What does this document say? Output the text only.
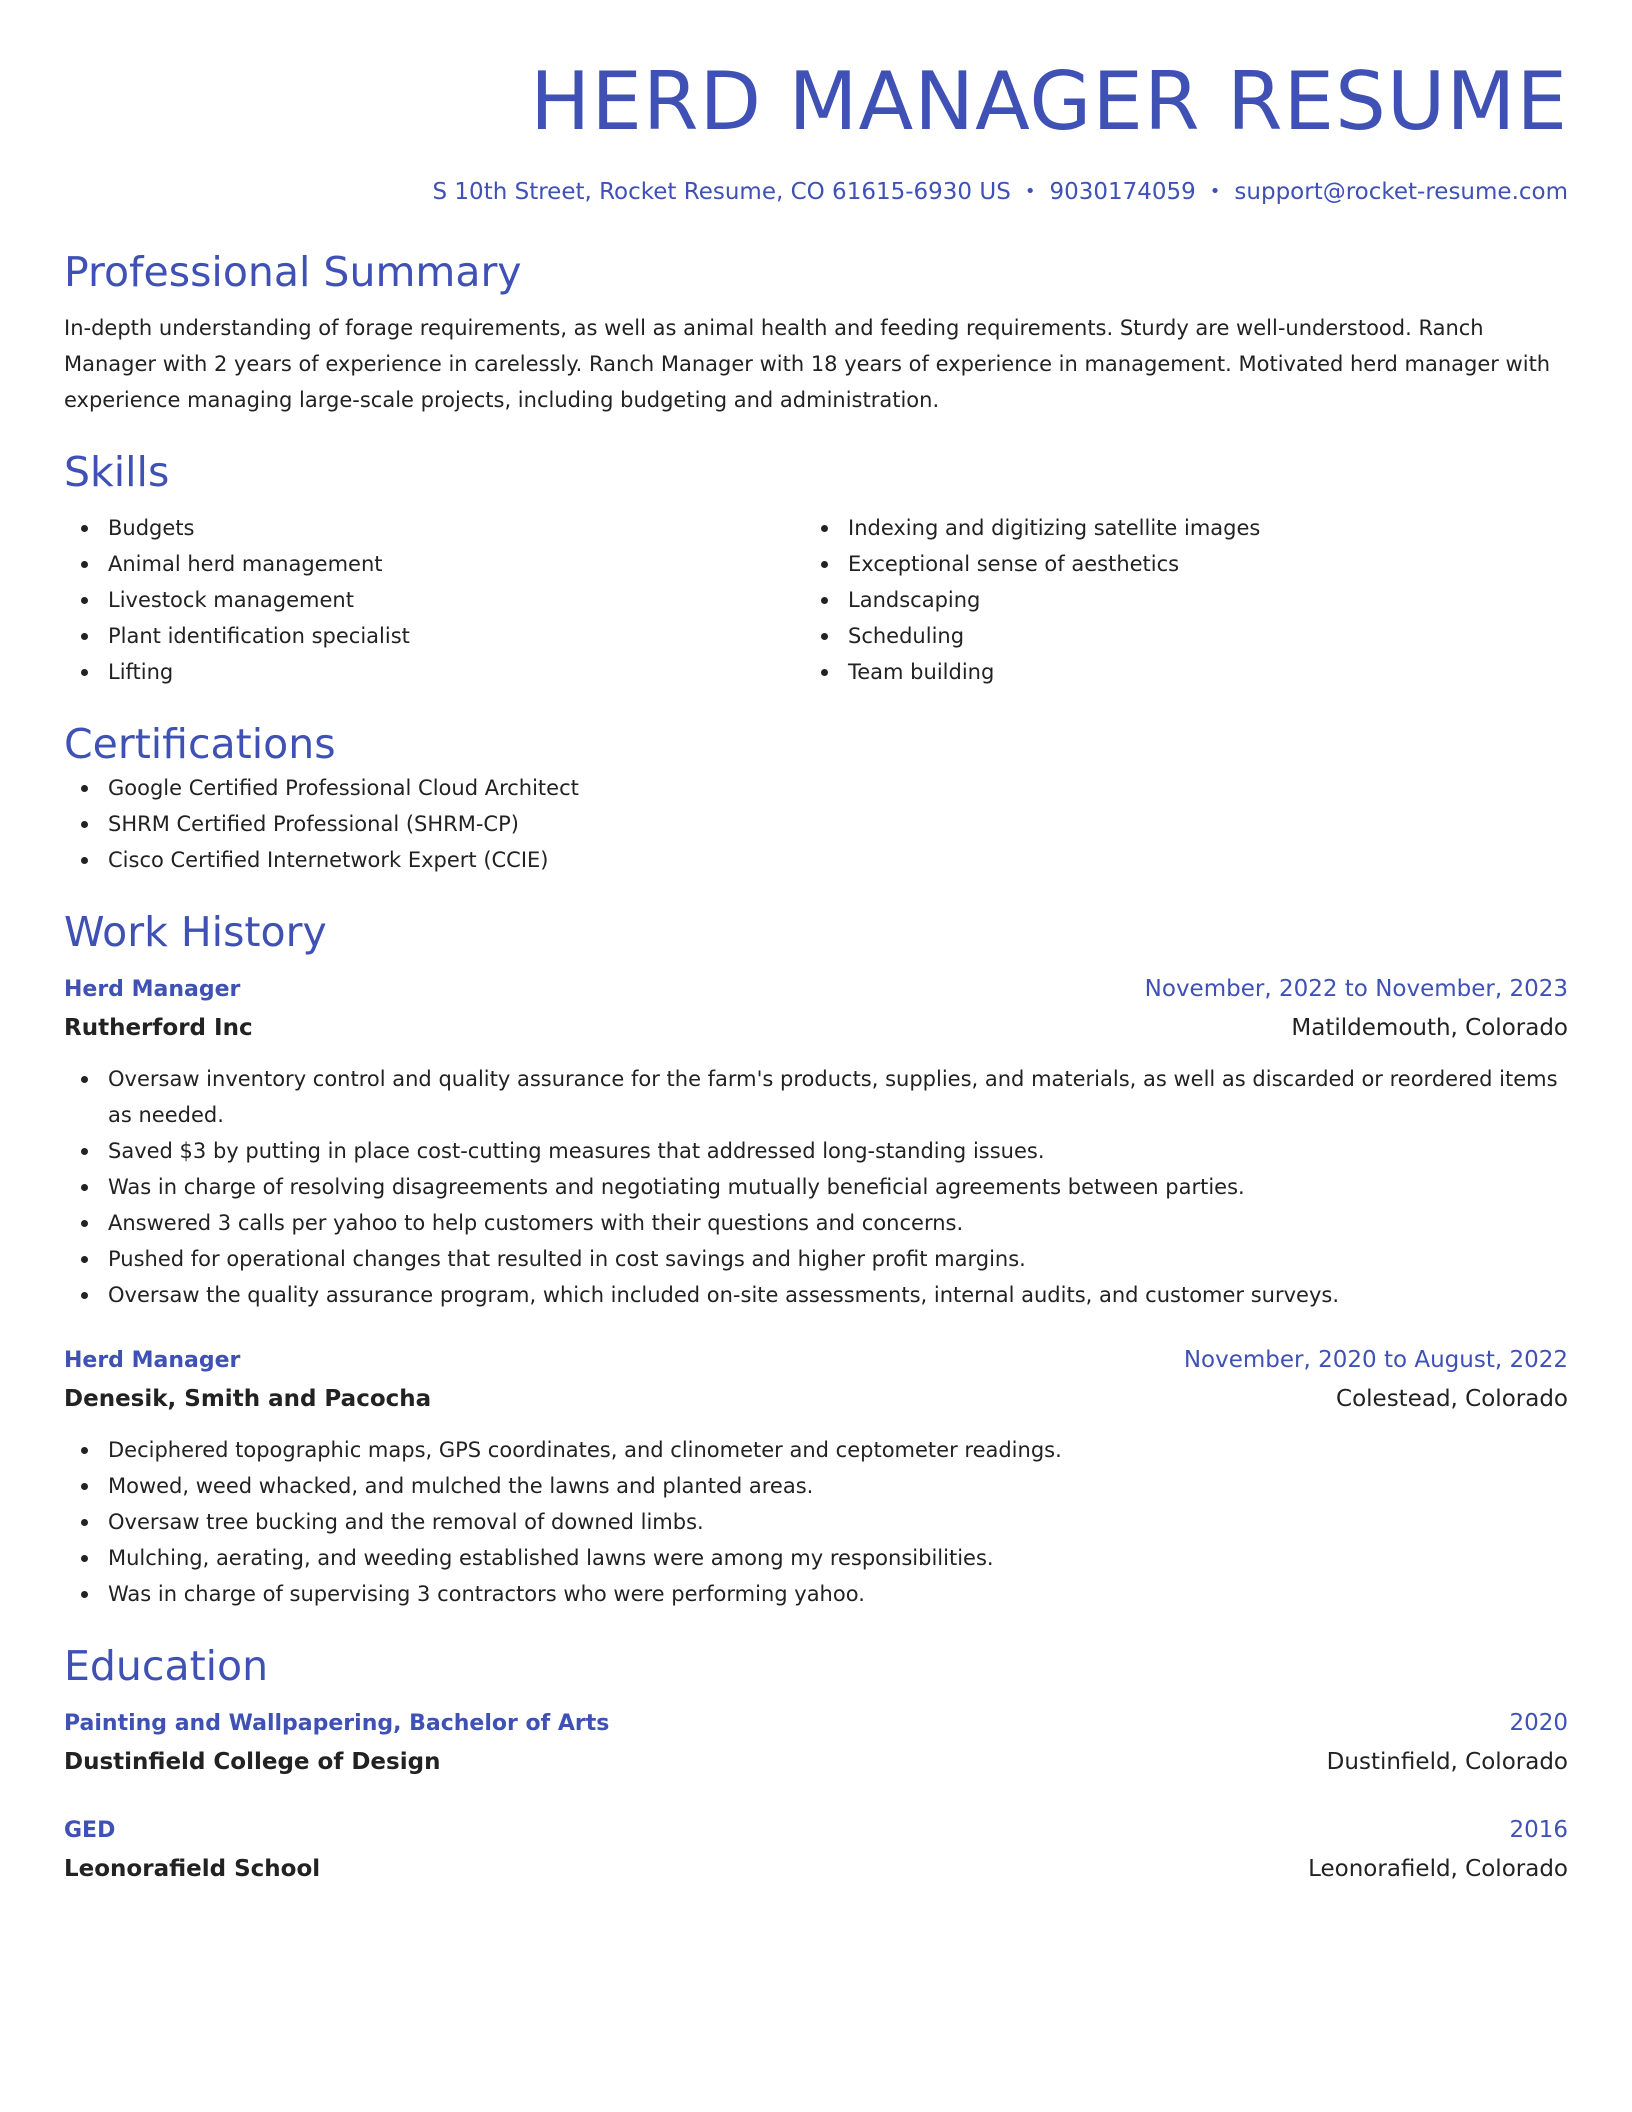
HERD MANAGER RESUME
S 10th Street, Rocket Resume, CO 61615-6930 US • 9030174059 • support@rocket-resume.com
Professional Summary
In-depth understanding of forage requirements, as well as animal health and feeding requirements. Sturdy are well-understood. Ranch Manager with 2 years of experience in carelessly. Ranch Manager with 18 years of experience in management. Motivated herd manager with experience managing large-scale projects, including budgeting and administration.
Skills
Budgets
Animal herd management
Livestock management
Plant identification specialist
Lifting
Indexing and digitizing satellite images
Exceptional sense of aesthetics
Landscaping
Scheduling
Team building
Certifications
Google Certified Professional Cloud Architect
SHRM Certified Professional (SHRM-CP)
Cisco Certified Internetwork Expert (CCIE)
Work History
Herd Manager	November, 2022 to November, 2023
Rutherford Inc	Matildemouth, Colorado
Oversaw inventory control and quality assurance for the farm's products, supplies, and materials, as well as discarded or reordered items as needed.
Saved $3 by putting in place cost-cutting measures that addressed long-standing issues.
Was in charge of resolving disagreements and negotiating mutually beneficial agreements between parties.
Answered 3 calls per yahoo to help customers with their questions and concerns.
Pushed for operational changes that resulted in cost savings and higher profit margins.
Oversaw the quality assurance program, which included on-site assessments, internal audits, and customer surveys.
Herd Manager	November, 2020 to August, 2022
Denesik, Smith and Pacocha	Colestead, Colorado
Deciphered topographic maps, GPS coordinates, and clinometer and ceptometer readings.
Mowed, weed whacked, and mulched the lawns and planted areas.
Oversaw tree bucking and the removal of downed limbs.
Mulching, aerating, and weeding established lawns were among my responsibilities.
Was in charge of supervising 3 contractors who were performing yahoo.
Education
Painting and Wallpapering, Bachelor of Arts	2020
Dustinfield College of Design	Dustinfield, Colorado
GED	2016
Leonorafield School	Leonorafield, Colorado
